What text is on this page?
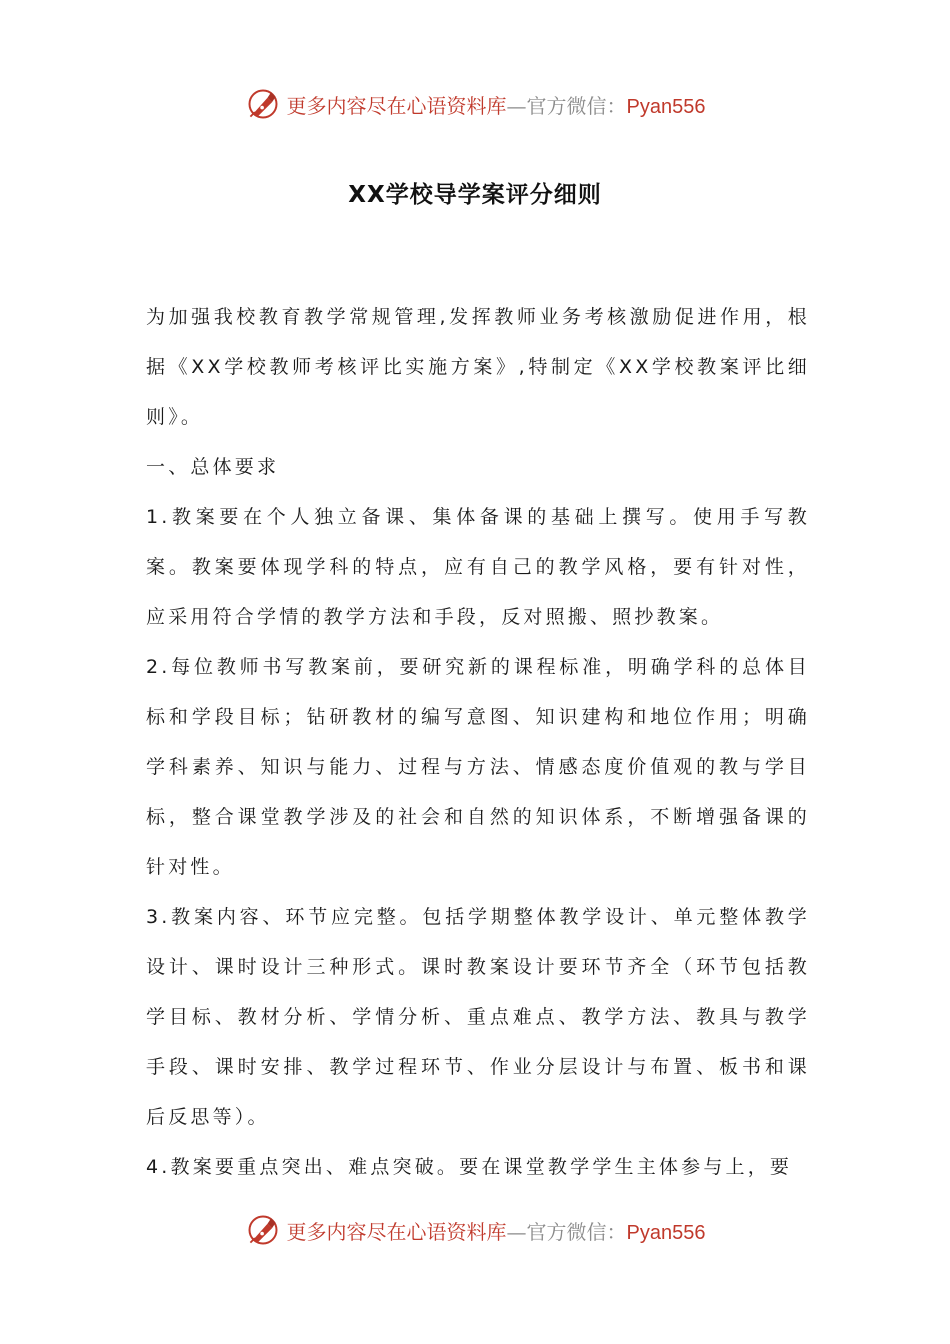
更多内容尽在心语资料库—官方微信：Pyan556
XX学校导学案评分细则

为加强我校教育教学常规管理,发挥教师业务考核激励促进作用，根据《XX学校教师考核评比实施方案》,特制定《XX学校教案评比细则》。

一、总体要求

1.教案要在个人独立备课、集体备课的基础上撰写。使用手写教案。教案要体现学科的特点，应有自己的教学风格，要有针对性，应采用符合学情的教学方法和手段，反对照搬、照抄教案。

2.每位教师书写教案前，要研究新的课程标准，明确学科的总体目标和学段目标；钻研教材的编写意图、知识建构和地位作用；明确学科素养、知识与能力、过程与方法、情感态度价值观的教与学目标，整合课堂教学涉及的社会和自然的知识体系，不断增强备课的针对性。

3.教案内容、环节应完整。包括学期整体教学设计、单元整体教学设计、课时设计三种形式。课时教案设计要环节齐全（环节包括教学目标、教材分析、学情分析、重点难点、教学方法、教具与教学手段、课时安排、教学过程环节、作业分层设计与布置、板书和课后反思等）。

4.教案要重点突出、难点突破。要在课堂教学学生主体参与上，要

更多内容尽在心语资料库—官方微信：Pyan556
